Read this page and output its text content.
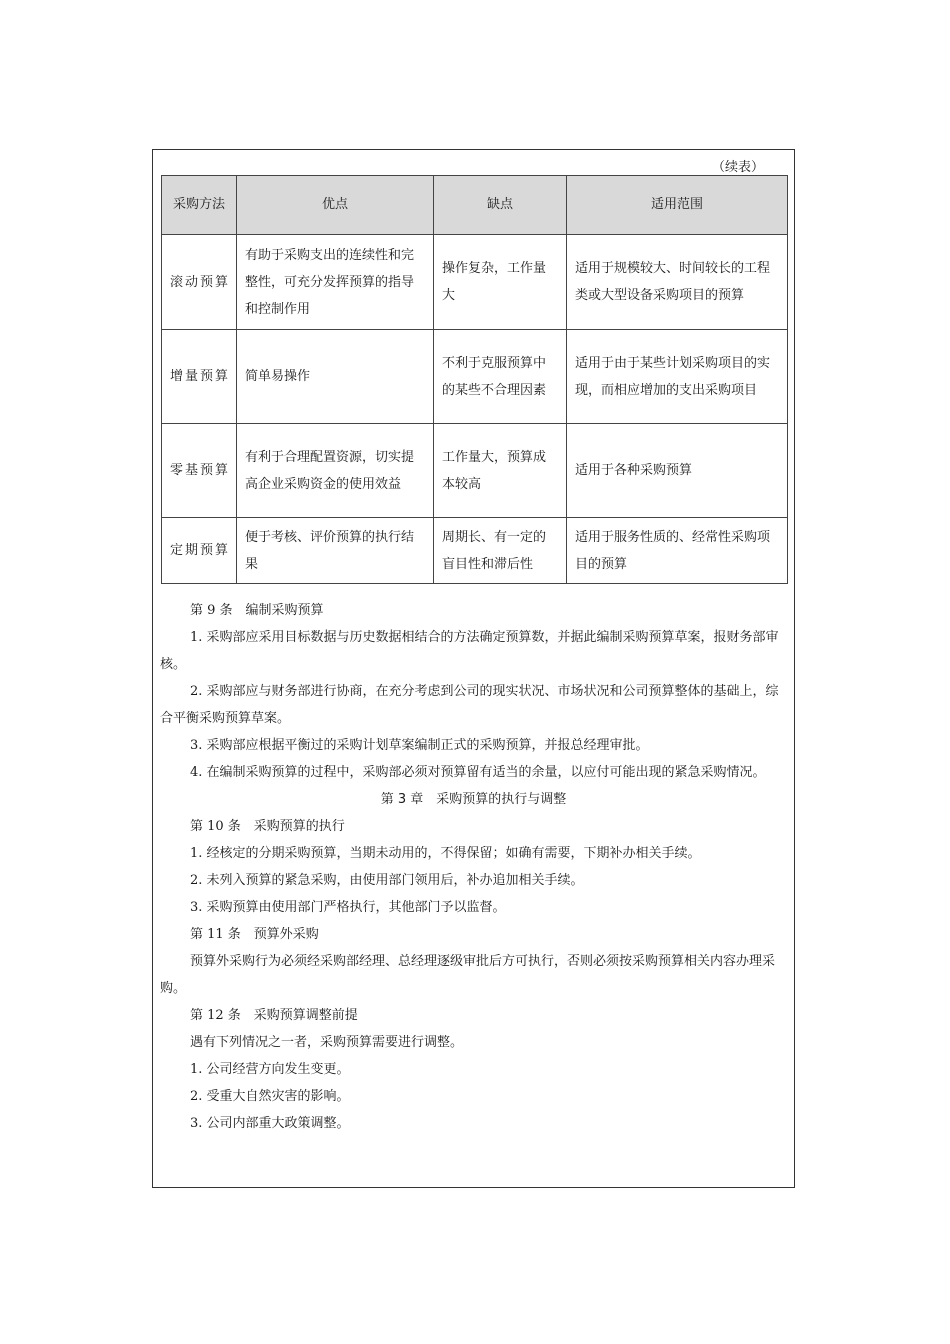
（续表）
采购方法	优点	缺点	适用范围
滚动预算	有助于采购支出的连续性和完整性，可充分发挥预算的指导和控制作用	操作复杂，工作量大	适用于规模较大、时间较长的工程类或大型设备采购项目的预算
增量预算	简单易操作	不利于克服预算中的某些不合理因素	适用于由于某些计划采购项目的实现，而相应增加的支出采购项目
零基预算	有利于合理配置资源，切实提高企业采购资金的使用效益	工作量大，预算成本较高	适用于各种采购预算
定期预算	便于考核、评价预算的执行结果	周期长、有一定的盲目性和滞后性	适用于服务性质的、经常性采购项目的预算

第 9 条　编制采购预算

1. 采购部应采用目标数据与历史数据相结合的方法确定预算数，并据此编制采购预算草案，报财务部审核。

2. 采购部应与财务部进行协商，在充分考虑到公司的现实状况、市场状况和公司预算整体的基础上，综合平衡采购预算草案。

3. 采购部应根据平衡过的采购计划草案编制正式的采购预算，并报总经理审批。

4. 在编制采购预算的过程中，采购部必须对预算留有适当的余量，以应付可能出现的紧急采购情况。

第 3 章　采购预算的执行与调整

第 10 条　采购预算的执行

1. 经核定的分期采购预算，当期未动用的，不得保留；如确有需要，下期补办相关手续。

2. 未列入预算的紧急采购，由使用部门领用后，补办追加相关手续。

3. 采购预算由使用部门严格执行，其他部门予以监督。

第 11 条　预算外采购

预算外采购行为必须经采购部经理、总经理逐级审批后方可执行，否则必须按采购预算相关内容办理采购。

第 12 条　采购预算调整前提

遇有下列情况之一者，采购预算需要进行调整。

1. 公司经营方向发生变更。

2. 受重大自然灾害的影响。

3. 公司内部重大政策调整。
